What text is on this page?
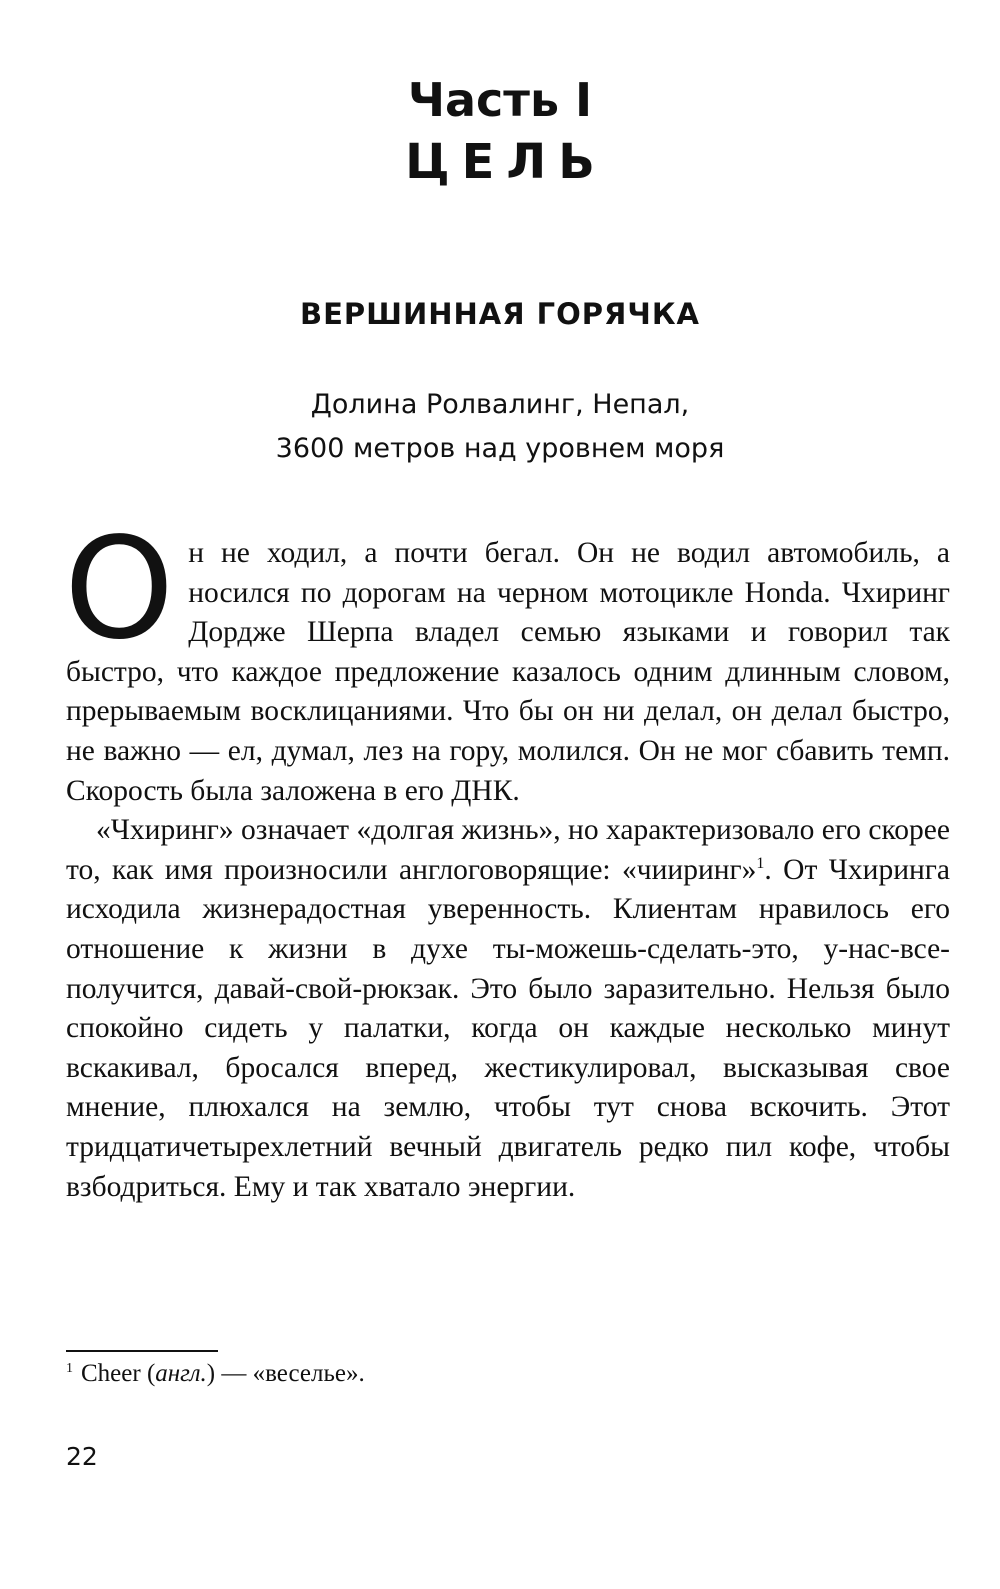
Часть I
ЦЕЛЬ
ВЕРШИННАЯ ГОРЯЧКА
Долина Ролвалинг, Непал,
3600 метров над уровнем моря

Он не ходил, а почти бегал. Он не водил автомобиль, а носился по дорогам на черном мотоцикле Honda. Чхиринг Дордже Шерпа владел семью языками и говорил так быстро, что каждое предложение казалось одним длинным словом, прерываемым восклицаниями. Что бы он ни делал, он делал быстро, не важно — ел, думал, лез на гору, молился. Он не мог сбавить темп. Скорость была заложена в его ДНК.

«Чхиринг» означает «долгая жизнь», но характеризовало его скорее то, как имя произносили англоговорящие: «чииринг»$^1$. От Чхиринга исходила жизнерадостная уверенность. Клиентам нравилось его отношение к жизни в духе ты-можешь-сделать-это, у-нас-все-получится, давай-свой-рюкзак. Это было заразительно. Нельзя было спокойно сидеть у палатки, когда он каждые несколько минут вскакивал, бросался вперед, жестикулировал, высказывая свое мнение, плюхался на землю, чтобы тут снова вскочить. Этот тридцатичетырехлетний вечный двигатель редко пил кофе, чтобы взбодриться. Ему и так хватало энергии.

$^1$ Cheer (англ.) — «веселье».
22
